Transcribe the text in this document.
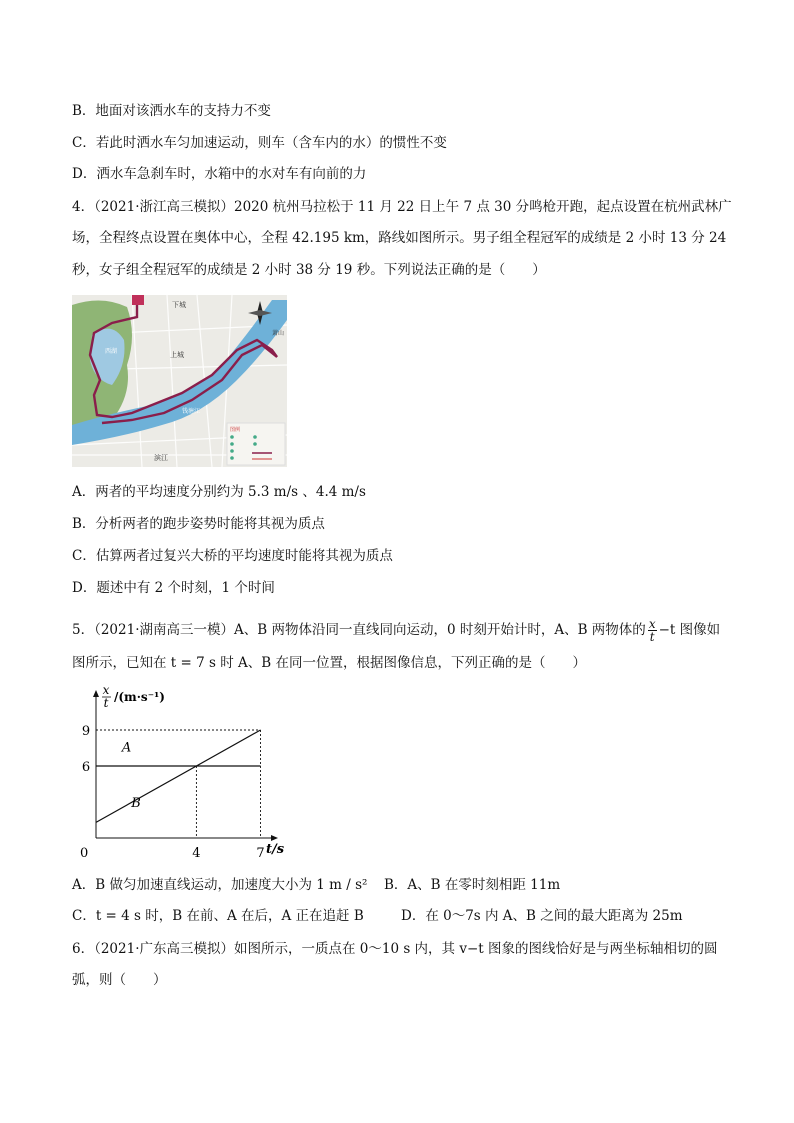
B．地面对该洒水车的支持力不变
C．若此时洒水车匀加速运动，则车（含车内的水）的惯性不变
D．洒水车急刹车时，水箱中的水对车有向前的力
4．（2021·浙江高三模拟）2020 杭州马拉松于 11 月 22 日上午 7 点 30 分鸣枪开跑，起点设置在杭州武林广
场，全程终点设置在奥体中心，全程 42.195 km，路线如图所示。男子组全程冠军的成绩是 2 小时 13 分 24
秒，女子组全程冠军的成绩是 2 小时 38 分 19 秒。下列说法正确的是（　　）
下城
西湖	上城
滨江
钱塘江
萧山
图例
A．两者的平均速度分别约为 5.3 m/s 、4.4 m/s
B．分析两者的跑步姿势时能将其视为质点
C．估算两者过复兴大桥的平均速度时能将其视为质点
D．题述中有 2 个时刻，1 个时间
5．（2021·湖南高三一模）A、B 两物体沿同一直线同向运动，0 时刻开始计时，A、B 两物体的 $\frac{x}{t} -t$ 图像如
图所示，已知在 t = 7 s 时 A、B 在同一位置，根据图像信息，下列正确的是（　　）
A
B
4	7
6
9
x
t /(m·s⁻¹)
t/s
0
A．B 做匀加速直线运动，加速度大小为 1 m / s² B．A、B 在零时刻相距 11m
C．t = 4 s 时，B 在前、A 在后，A 正在追赶 B	D．在 0～7s 内 A、B 之间的最大距离为 25m
6．（2021·广东高三模拟）如图所示，一质点在 0～10 s 内，其 v−t 图象的图线恰好是与两坐标轴相切的圆
弧，则（　　）
